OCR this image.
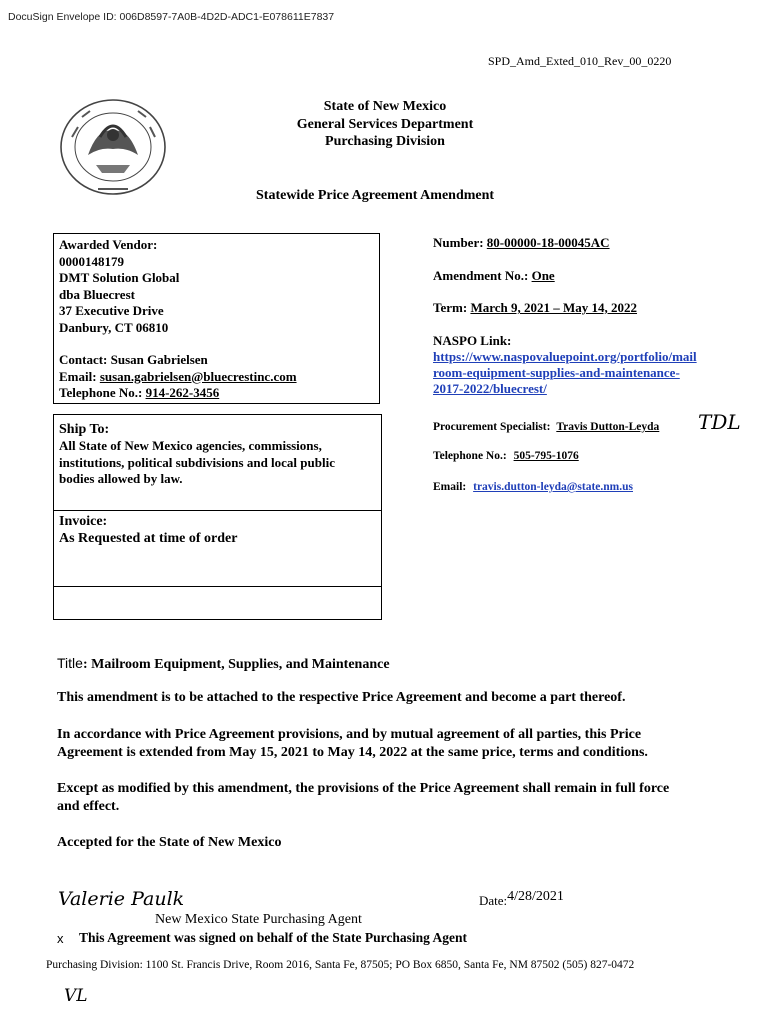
DocuSign Envelope ID: 006D8597-7A0B-4D2D-ADC1-E078611E7837
SPD_Amd_Exted_010_Rev_00_0220
State of New Mexico
General Services Department
Purchasing Division
Statewide Price Agreement Amendment
Awarded Vendor:
0000148179
DMT Solution Global
dba Bluecrest
37 Executive Drive
Danbury, CT 06810
Contact: Susan Gabrielsen
Email: susan.gabrielsen@bluecrestinc.com
Telephone No.: 914-262-3456
Ship To:
All State of New Mexico agencies, commissions,
institutions, political subdivisions and local public
bodies allowed by law.
Invoice:
As Requested at time of order
Number: 80-00000-18-00045AC
Amendment No.: One
Term: March 9, 2021 – May 14, 2022
NASPO Link:
https://www.naspovaluepoint.org/portfolio/mail
room-equipment-supplies-and-maintenance-
2017-2022/bluecrest/
Procurement Specialist: Travis Dutton-Leyda TDL
Telephone No.: 505-795-1076
Email: travis.dutton-leyda@state.nm.us
Title: Mailroom Equipment, Supplies, and Maintenance
This amendment is to be attached to the respective Price Agreement and become a part thereof.
In accordance with Price Agreement provisions, and by mutual agreement of all parties, this Price
Agreement is extended from May 15, 2021 to May 14, 2022 at the same price, terms and conditions.
Except as modified by this amendment, the provisions of the Price Agreement shall remain in full force
and effect.
Accepted for the State of New Mexico
Valerie Paulk	Date:4/28/2021
New Mexico State Purchasing Agent
x This Agreement was signed on behalf of the State Purchasing Agent
Purchasing Division: 1100 St. Francis Drive, Room 2016, Santa Fe, 87505; PO Box 6850, Santa Fe, NM 87502 (505) 827-0472
VL
